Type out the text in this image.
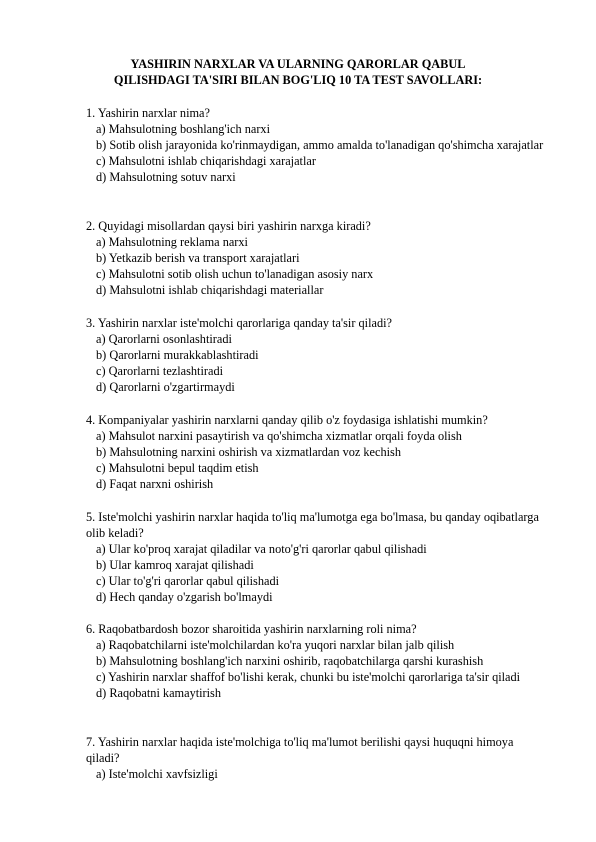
YASHIRIN NARXLAR VA ULARNING QARORLAR QABUL
QILISHDAGI TA'SIRI BILAN BOG'LIQ 10 TA TEST SAVOLLARI:
1. Yashirin narxlar nima?
a) Mahsulotning boshlang'ich narxi
b) Sotib olish jarayonida ko'rinmaydigan, ammo amalda to'lanadigan qo'shimcha xarajatlar
c) Mahsulotni ishlab chiqarishdagi xarajatlar
d) Mahsulotning sotuv narxi
2. Quyidagi misollardan qaysi biri yashirin narxga kiradi?
a) Mahsulotning reklama narxi
b) Yetkazib berish va transport xarajatlari
c) Mahsulotni sotib olish uchun to'lanadigan asosiy narx
d) Mahsulotni ishlab chiqarishdagi materiallar
3. Yashirin narxlar iste'molchi qarorlariga qanday ta'sir qiladi?
a) Qarorlarni osonlashtiradi
b) Qarorlarni murakkablashtiradi
c) Qarorlarni tezlashtiradi
d) Qarorlarni o'zgartirmaydi
4. Kompaniyalar yashirin narxlarni qanday qilib o'z foydasiga ishlatishi mumkin?
a) Mahsulot narxini pasaytirish va qo'shimcha xizmatlar orqali foyda olish
b) Mahsulotning narxini oshirish va xizmatlardan voz kechish
c) Mahsulotni bepul taqdim etish
d) Faqat narxni oshirish
5. Iste'molchi yashirin narxlar haqida to'liq ma'lumotga ega bo'lmasa, bu qanday oqibatlarga olib keladi?
a) Ular ko'proq xarajat qiladilar va noto'g'ri qarorlar qabul qilishadi
b) Ular kamroq xarajat qilishadi
c) Ular to'g'ri qarorlar qabul qilishadi
d) Hech qanday o'zgarish bo'lmaydi
6. Raqobatbardosh bozor sharoitida yashirin narxlarning roli nima?
a) Raqobatchilarni iste'molchilardan ko'ra yuqori narxlar bilan jalb qilish
b) Mahsulotning boshlang'ich narxini oshirib, raqobatchilarga qarshi kurashish
c) Yashirin narxlar shaffof bo'lishi kerak, chunki bu iste'molchi qarorlariga ta'sir qiladi
d) Raqobatni kamaytirish
7. Yashirin narxlar haqida iste'molchiga to'liq ma'lumot berilishi qaysi huquqni himoya qiladi?
a) Iste'molchi xavfsizligi
